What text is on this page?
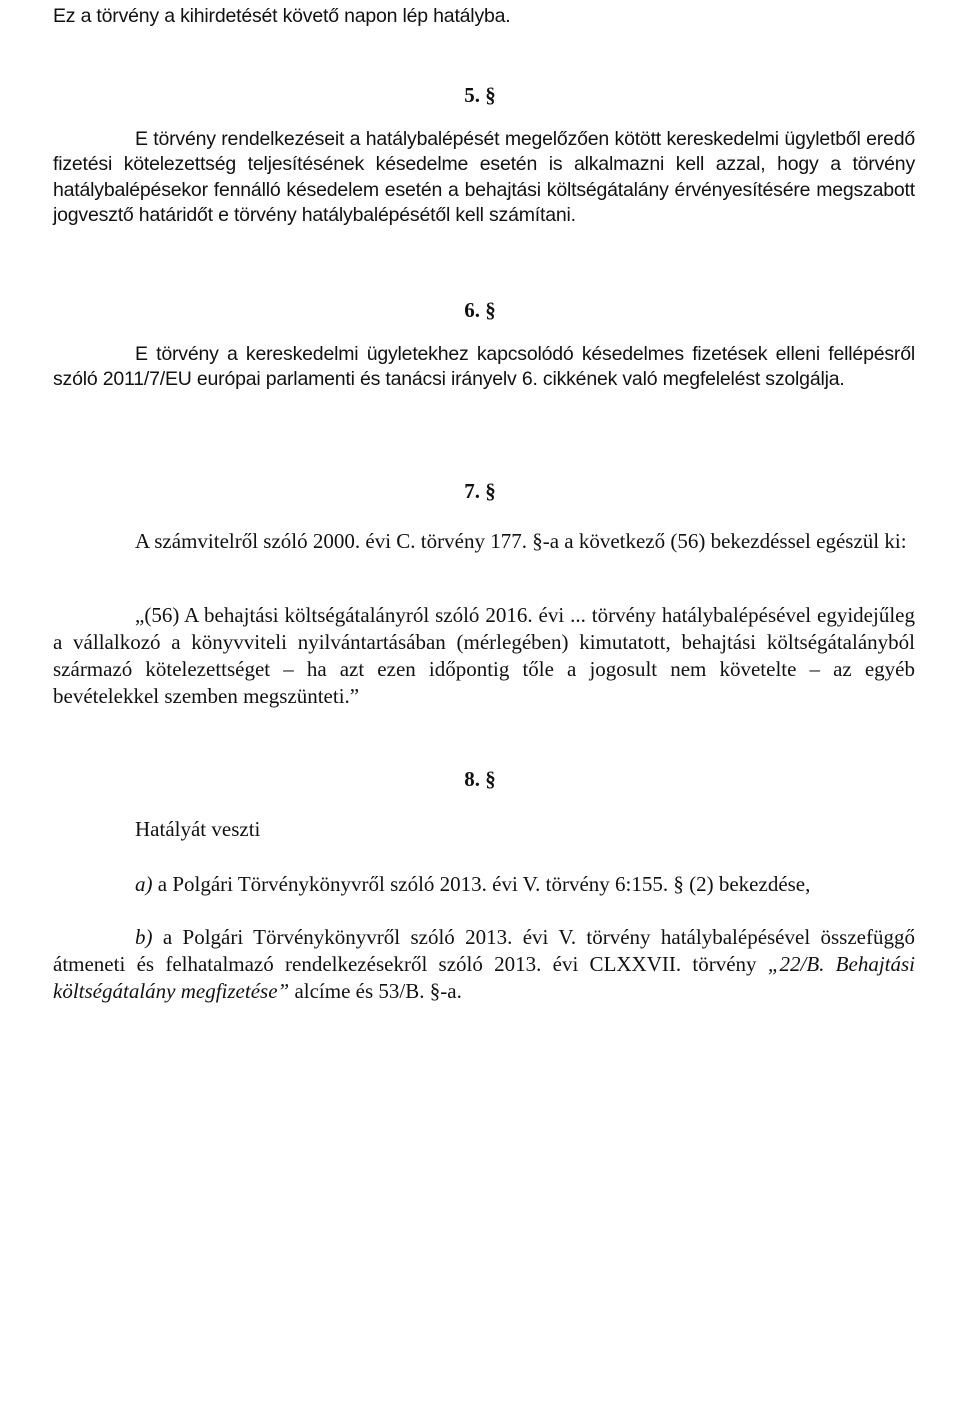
Ez a törvény a kihirdetését követő napon lép hatályba.
5. §
E törvény rendelkezéseit a hatálybalépését megelőzően kötött kereskedelmi ügyletből eredő fizetési kötelezettség teljesítésének késedelme esetén is alkalmazni kell azzal, hogy a törvény hatálybalépésekor fennálló késedelem esetén a behajtási költségátalány érvényesítésére megszabott jogvesztő határidőt e törvény hatálybalépésétől kell számítani.
6. §
E törvény a kereskedelmi ügyletekhez kapcsolódó késedelmes fizetések elleni fellépésről szóló 2011/7/EU európai parlamenti és tanácsi irányelv 6. cikkének való megfelelést szolgálja.
7. §
A számvitelről szóló 2000. évi C. törvény 177. §-a a következő (56) bekezdéssel egészül ki:
„(56) A behajtási költségátalányról szóló 2016. évi ... törvény hatálybalépésével egyidejűleg a vállalkozó a könyvviteli nyilvántartásában (mérlegében) kimutatott, behajtási költségátalányból származó kötelezettséget – ha azt ezen időpontig tőle a jogosult nem követelte – az egyéb bevételekkel szemben megszünteti.”
8. §
Hatályát veszti
a) a Polgári Törvénykönyvről szóló 2013. évi V. törvény 6:155. § (2) bekezdése,
b) a Polgári Törvénykönyvről szóló 2013. évi V. törvény hatálybalépésével összefüggő átmeneti és felhatalmazó rendelkezésekről szóló 2013. évi CLXXVII. törvény „22/B. Behajtási költségátalány megfizetése” alcíme és 53/B. §-a.
